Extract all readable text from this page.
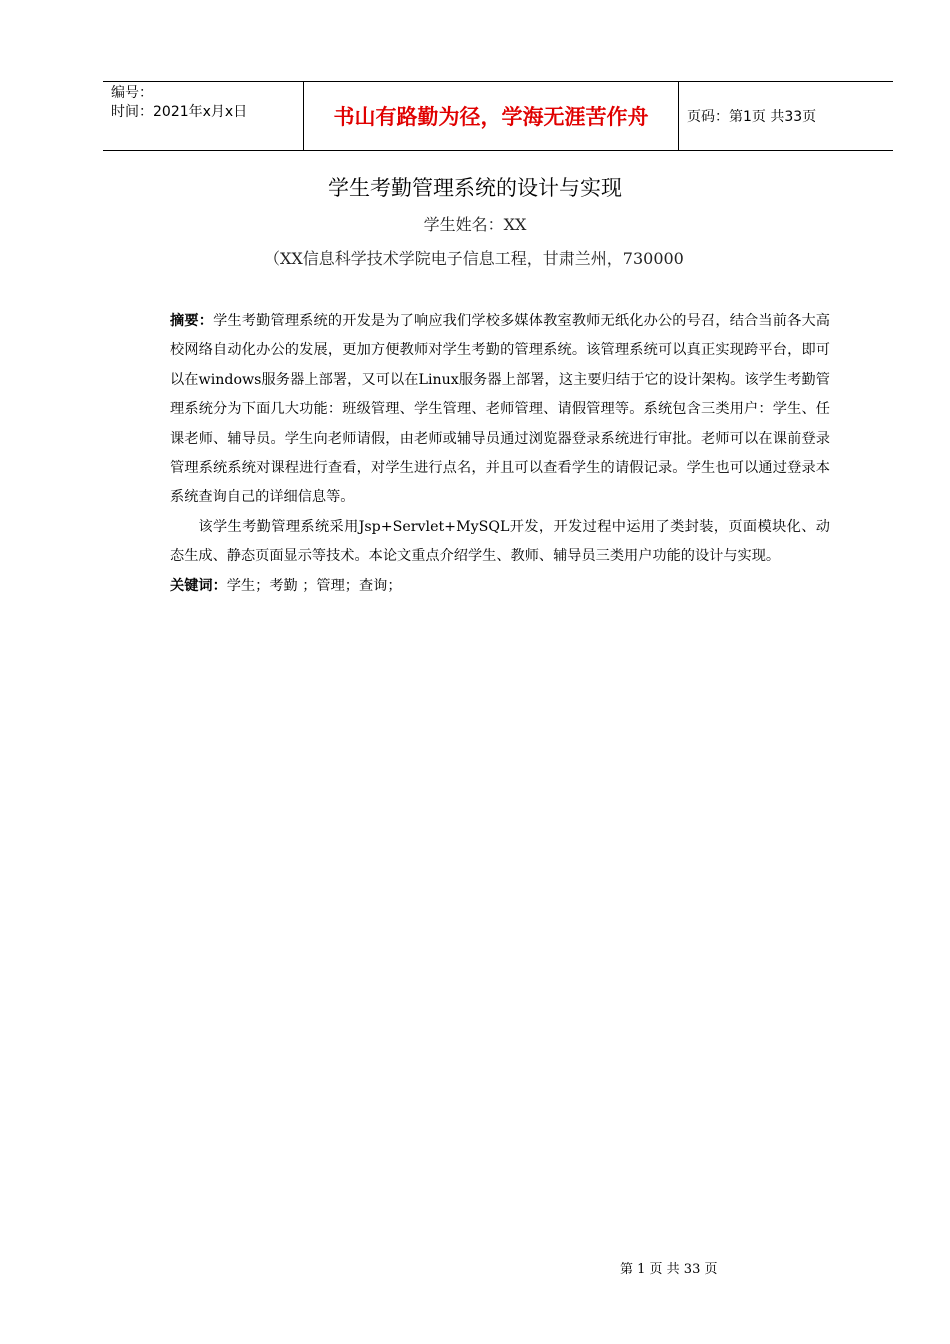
编号：
时间：2021年x月x日	书山有路勤为径，学海无涯苦作舟	页码：第1页 共33页
学生考勤管理系统的设计与实现
学生姓名：XX
（XX信息科学技术学院电子信息工程，甘肃兰州，730000

摘要：学生考勤管理系统的开发是为了响应我们学校多媒体教室教师无纸化办公的号召，结合当前各大高校网络自动化办公的发展，更加方便教师对学生考勤的管理系统。该管理系统可以真正实现跨平台，即可以在windows服务器上部署，又可以在Linux服务器上部署，这主要归结于它的设计架构。该学生考勤管理系统分为下面几大功能：班级管理、学生管理、老师管理、请假管理等。系统包含三类用户：学生、任课老师、辅导员。学生向老师请假，由老师或辅导员通过浏览器登录系统进行审批。老师可以在课前登录管理系统系统对课程进行查看，对学生进行点名，并且可以查看学生的请假记录。学生也可以通过登录本系统查询自己的详细信息等。

该学生考勤管理系统采用Jsp+Servlet+MySQL开发，开发过程中运用了类封装，页面模块化、动态生成、静态页面显示等技术。本论文重点介绍学生、教师、辅导员三类用户功能的设计与实现。

关键词：学生；考勤 ；管理；查询；

第 1 页 共 33 页
